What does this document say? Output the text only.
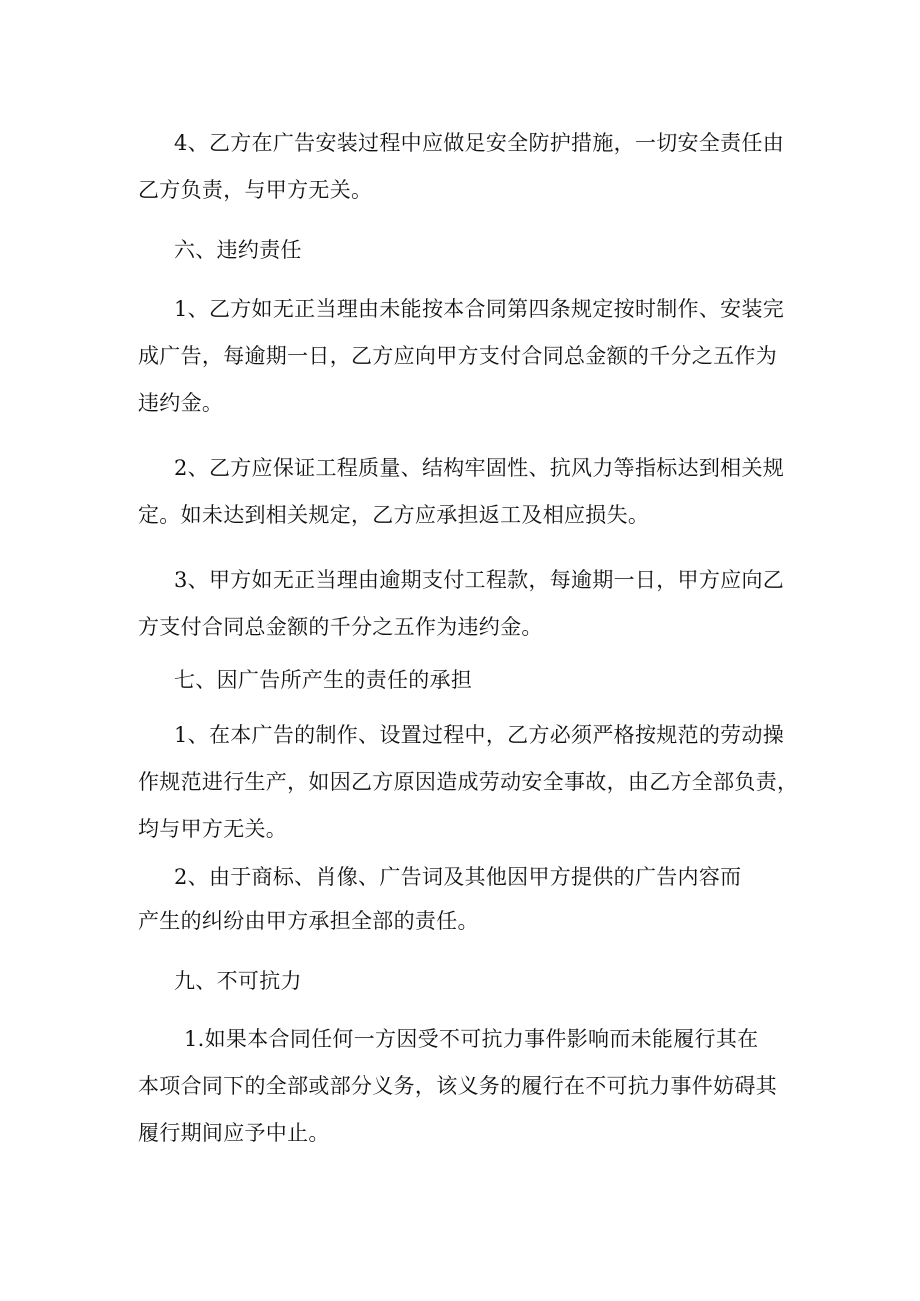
4、乙方在广告安装过程中应做足安全防护措施，一切安全责任由
乙方负责，与甲方无关。
六、违约责任
1、乙方如无正当理由未能按本合同第四条规定按时制作、安装完
成广告，每逾期一日，乙方应向甲方支付合同总金额的千分之五作为
违约金。
2、乙方应保证工程质量、结构牢固性、抗风力等指标达到相关规
定。如未达到相关规定，乙方应承担返工及相应损失。
3、甲方如无正当理由逾期支付工程款，每逾期一日，甲方应向乙
方支付合同总金额的千分之五作为违约金。
七、因广告所产生的责任的承担
1、在本广告的制作、设置过程中，乙方必须严格按规范的劳动操
作规范进行生产，如因乙方原因造成劳动安全事故，由乙方全部负责，
均与甲方无关。
2、由于商标、肖像、广告词及其他因甲方提供的广告内容而
产生的纠纷由甲方承担全部的责任。
九、不可抗力
1.如果本合同任何一方因受不可抗力事件影响而未能履行其在
本项合同下的全部或部分义务，该义务的履行在不可抗力事件妨碍其
履行期间应予中止。
